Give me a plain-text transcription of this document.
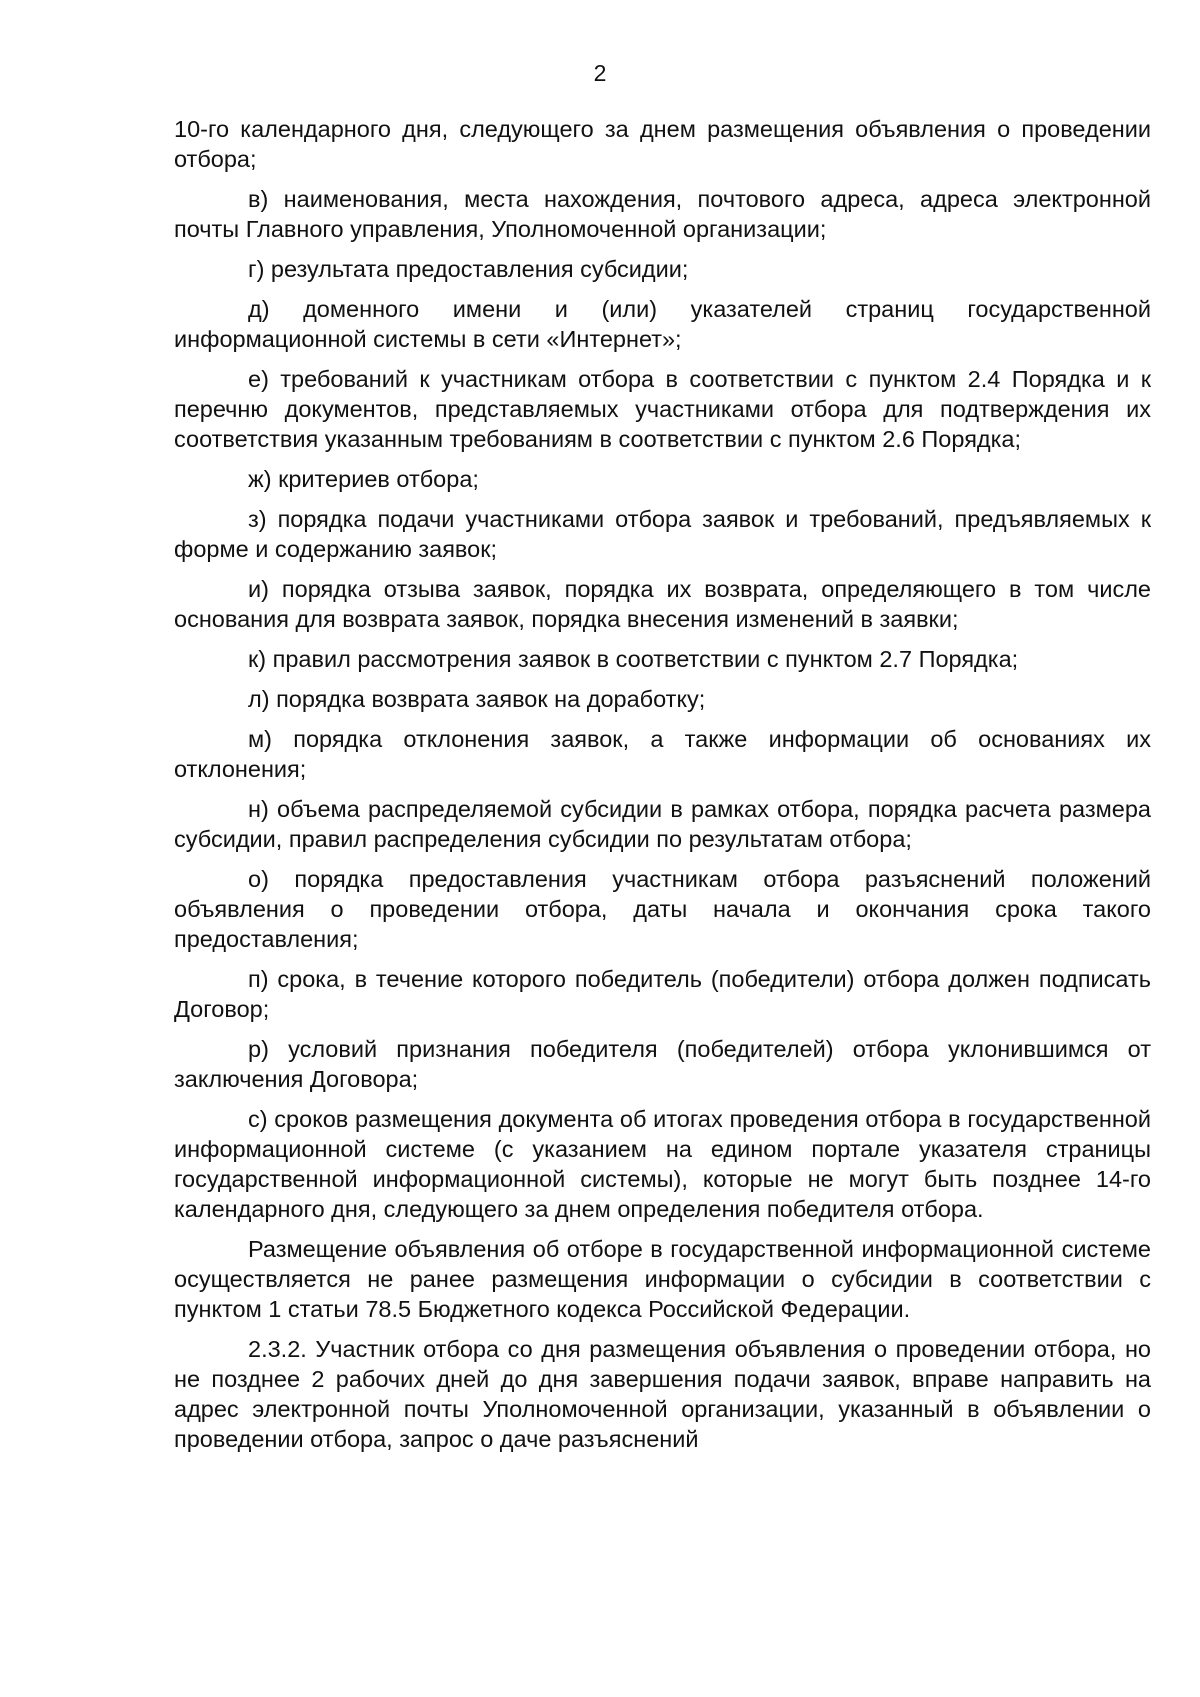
2

10-го календарного дня, следующего за днем размещения объявления о проведении отбора;

в) наименования, места нахождения, почтового адреса, адреса электронной почты Главного управления, Уполномоченной организации;

г) результата предоставления субсидии;

д) доменного имени и (или) указателей страниц государственной информационной системы в сети «Интернет»;

е) требований к участникам отбора в соответствии с пунктом 2.4 Порядка и к перечню документов, представляемых участниками отбора для подтверждения их соответствия указанным требованиям в соответствии с пунктом 2.6 Порядка;

ж) критериев отбора;

з) порядка подачи участниками отбора заявок и требований, предъявляемых к форме и содержанию заявок;

и) порядка отзыва заявок, порядка их возврата, определяющего в том числе основания для возврата заявок, порядка внесения изменений в заявки;

к) правил рассмотрения заявок в соответствии с пунктом 2.7 Порядка;

л) порядка возврата заявок на доработку;

м) порядка отклонения заявок, а также информации об основаниях их отклонения;

н) объема распределяемой субсидии в рамках отбора, порядка расчета размера субсидии, правил распределения субсидии по результатам отбора;

о) порядка предоставления участникам отбора разъяснений положений объявления о проведении отбора, даты начала и окончания срока такого предоставления;

п) срока, в течение которого победитель (победители) отбора должен подписать Договор;

р) условий признания победителя (победителей) отбора уклонившимся от заключения Договора;

с) сроков размещения документа об итогах проведения отбора в государственной информационной системе (с указанием на едином портале указателя страницы государственной информационной системы), которые не могут быть позднее 14-го календарного дня, следующего за днем определения победителя отбора.

Размещение объявления об отборе в государственной информационной системе осуществляется не ранее размещения информации о субсидии в соответствии с пунктом 1 статьи 78.5 Бюджетного кодекса Российской Федерации.

2.3.2. Участник отбора со дня размещения объявления о проведении отбора, но не позднее 2 рабочих дней до дня завершения подачи заявок, вправе направить на адрес электронной почты Уполномоченной организации, указанный в объявлении о проведении отбора, запрос о даче разъяснений
